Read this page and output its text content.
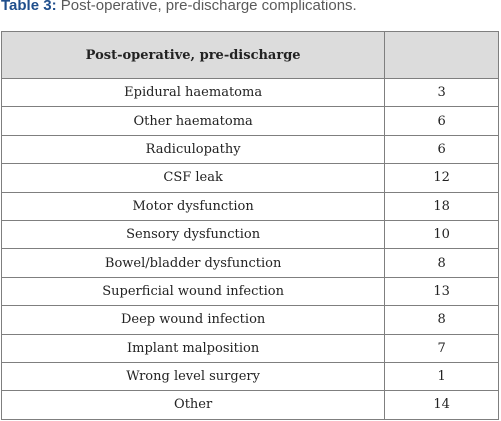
Table 3: Post-operative, pre-discharge complications.
Post-operative, pre-discharge	
Epidural haematoma	3
Other haematoma	6
Radiculopathy	6
CSF leak	12
Motor dysfunction	18
Sensory dysfunction	10
Bowel/bladder dysfunction	8
Superficial wound infection	13
Deep wound infection	8
Implant malposition	7
Wrong level surgery	1
Other	14
